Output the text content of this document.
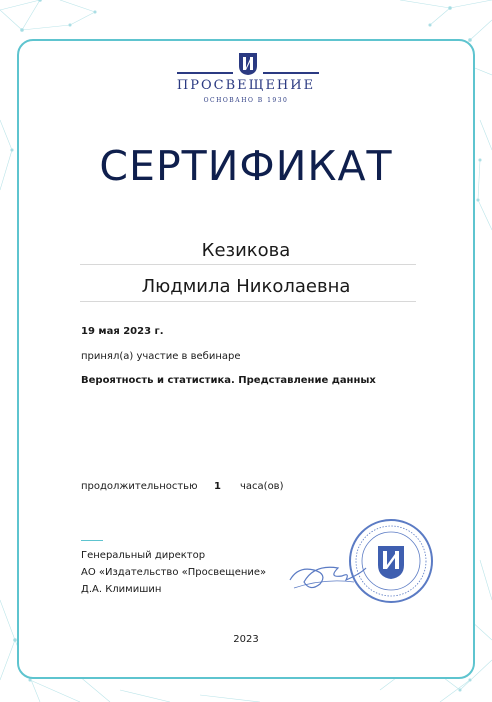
ПРОСВЕЩЕНИЕ
ОСНОВАНО В 1930
СЕРТИФИКАТ
Кезикова
Людмила Николаевна
19 мая 2023 г.
принял(а) участие в вебинаре
Вероятность и статистика. Представление данных
продолжительностью 1 часа(ов)
Генеральный директор
АО «Издательство «Просвещение»
Д.А. Климишин
2023
